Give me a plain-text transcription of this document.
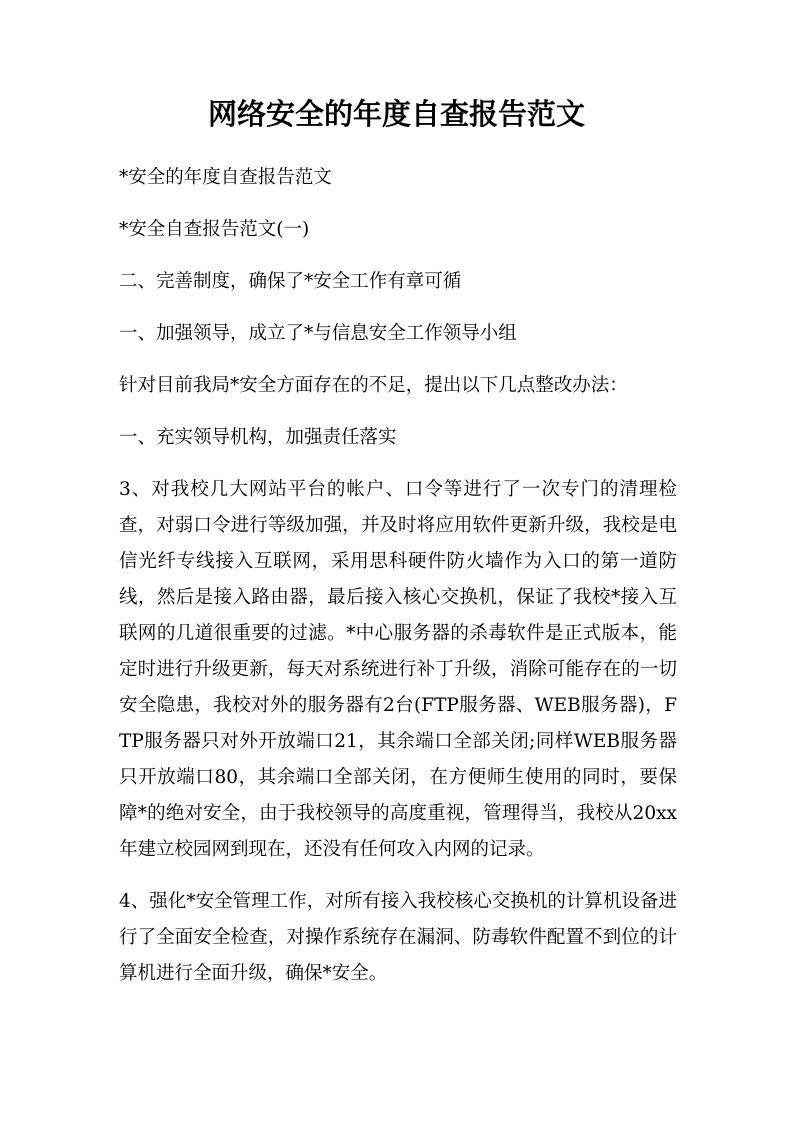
网络安全的年度自查报告范文

*安全的年度自查报告范文

*安全自查报告范文(一)

二、完善制度，确保了*安全工作有章可循

一、加强领导，成立了*与信息安全工作领导小组

针对目前我局*安全方面存在的不足，提出以下几点整改办法：

一、充实领导机构，加强责任落实

3、对我校几大网站平台的帐户、口令等进行了一次专门的清理检查，对弱口令进行等级加强，并及时将应用软件更新升级，我校是电信光纤专线接入互联网，采用思科硬件防火墙作为入口的第一道防线，然后是接入路由器，最后接入核心交换机，保证了我校*接入互联网的几道很重要的过滤。*中心服务器的杀毒软件是正式版本，能定时进行升级更新，每天对系统进行补丁升级，消除可能存在的一切安全隐患，我校对外的服务器有2台(FTP服务器、WEB服务器)，FTP服务器只对外开放端口21，其余端口全部关闭;同样WEB服务器只开放端口80，其余端口全部关闭，在方便师生使用的同时，要保障*的绝对安全，由于我校领导的高度重视，管理得当，我校从20xx年建立校园网到现在，还没有任何攻入内网的记录。

4、强化*安全管理工作，对所有接入我校核心交换机的计算机设备进行了全面安全检查，对操作系统存在漏洞、防毒软件配置不到位的计算机进行全面升级，确保*安全。
